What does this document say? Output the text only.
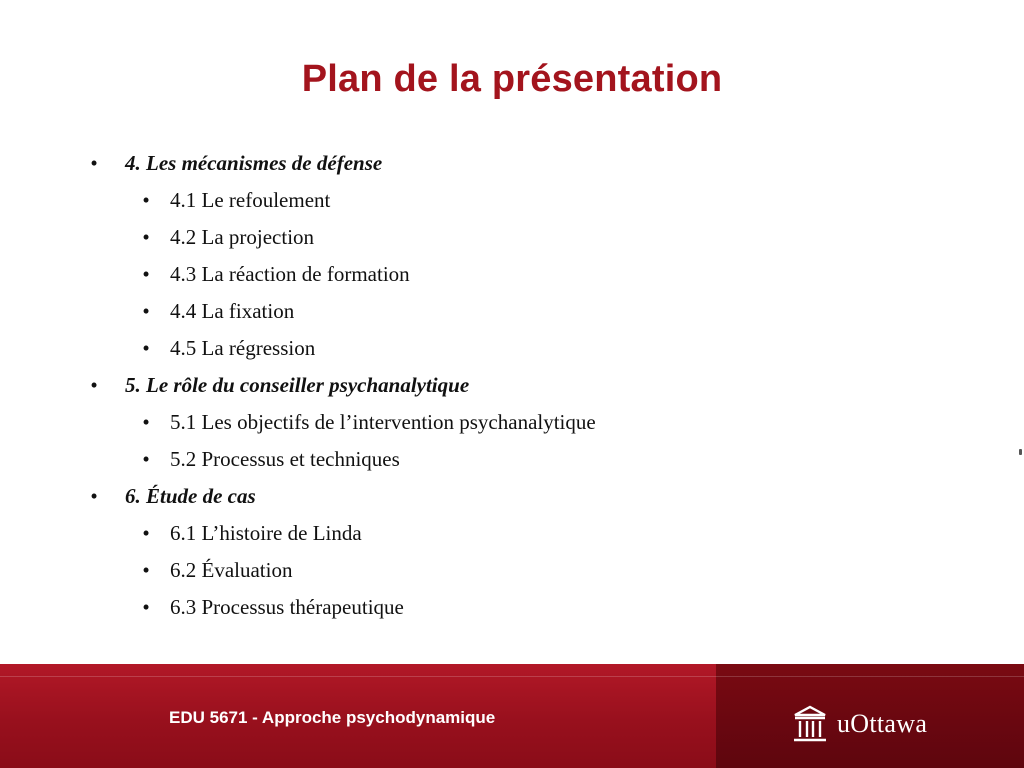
Plan de la présentation
•	4. Les mécanismes de défense
• 4.1 Le refoulement
• 4.2 La projection
• 4.3 La réaction de formation
• 4.4 La fixation
• 4.5 La régression
•	5. Le rôle du conseiller psychanalytique
• 5.1 Les objectifs de l’intervention psychanalytique
• 5.2 Processus et techniques
•	6. Étude de cas
• 6.1 L’histoire de Linda
• 6.2 Évaluation
• 6.3 Processus thérapeutique
EDU 5671 - Approche psychodynamique	uOttawa
